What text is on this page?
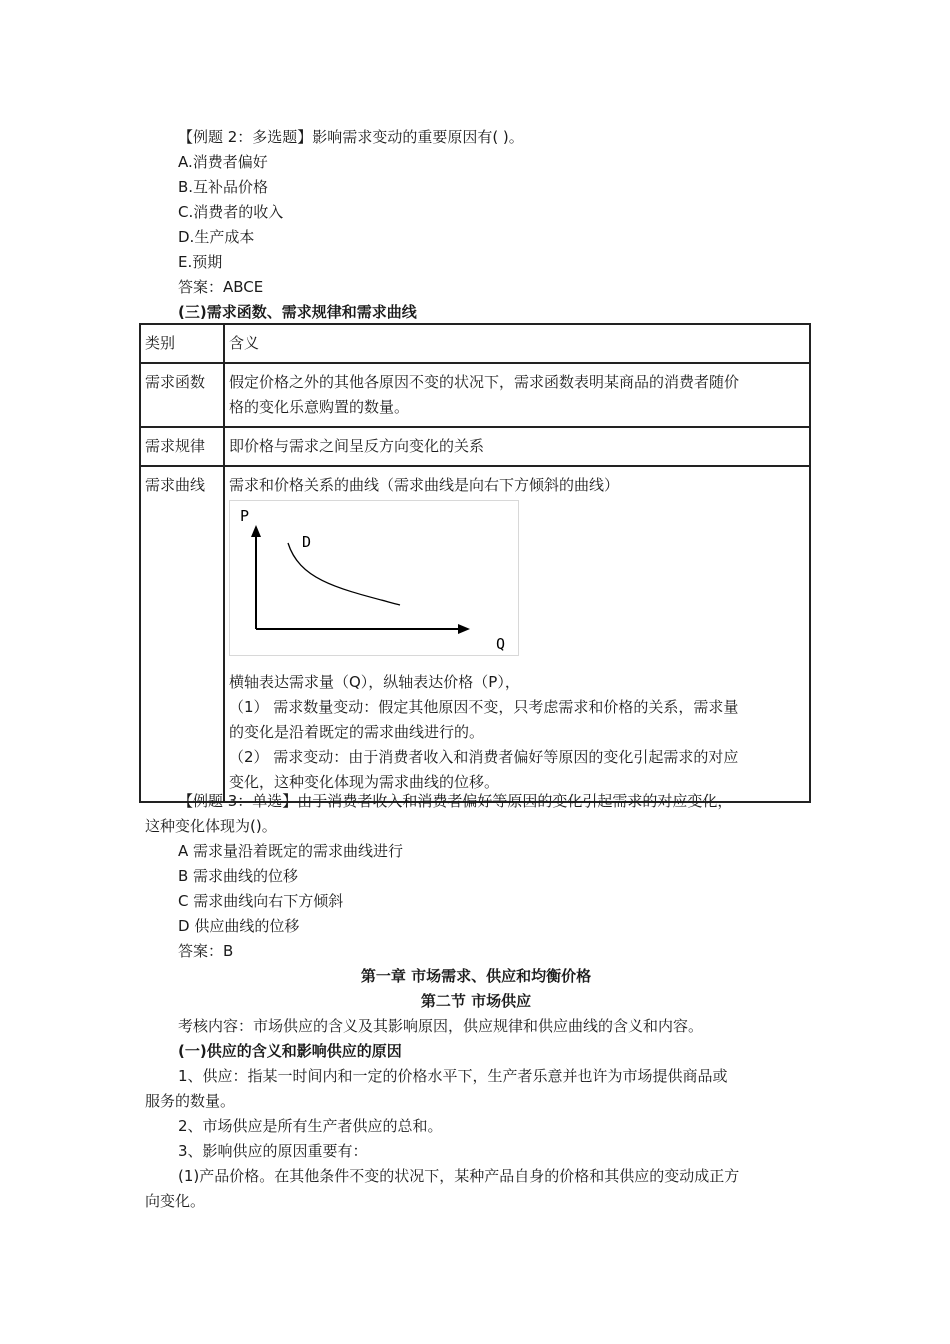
【例题 2：多选题】影响需求变动的重要原因有( )。
A.消费者偏好
B.互补品价格
C.消费者的收入
D.生产成本
E.预期
答案：ABCE
(三)需求函数、需求规律和需求曲线
类别	含义
需求函数	假定价格之外的其他各原因不变的状况下，需求函数表明某商品的消费者随价
格的变化乐意购置的数量。
需求规律	即价格与需求之间呈反方向变化的关系
需求曲线	需求和价格关系的曲线（需求曲线是向右下方倾斜的曲线）
P
D
Q
横轴表达需求量（Q），纵轴表达价格（P），
（1） 需求数量变动：假定其他原因不变，只考虑需求和价格的关系，需求量
的变化是沿着既定的需求曲线进行的。
（2） 需求变动：由于消费者收入和消费者偏好等原因的变化引起需求的对应
变化，这种变化体现为需求曲线的位移。
【例题 3：单选】由于消费者收入和消费者偏好等原因的变化引起需求的对应变化，
这种变化体现为()。
A 需求量沿着既定的需求曲线进行
B 需求曲线的位移
C 需求曲线向右下方倾斜
D 供应曲线的位移
答案：B
第一章 市场需求、供应和均衡价格
第二节 市场供应
考核内容：市场供应的含义及其影响原因，供应规律和供应曲线的含义和内容。
(一)供应的含义和影响供应的原因
1、供应：指某一时间内和一定的价格水平下，生产者乐意并也许为市场提供商品或
服务的数量。
2、市场供应是所有生产者供应的总和。
3、影响供应的原因重要有：
(1)产品价格。在其他条件不变的状况下，某种产品自身的价格和其供应的变动成正方
向变化。
